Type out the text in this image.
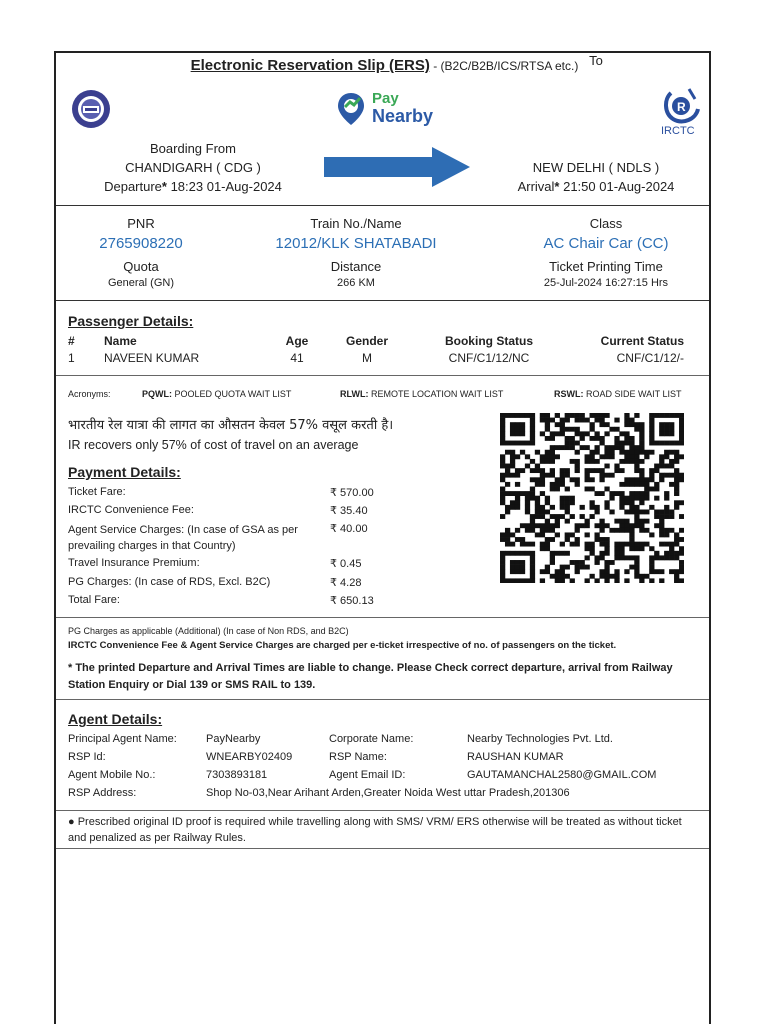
Electronic Reservation Slip (ERS) - (B2C/B2B/ICS/RTSA etc.)
Pay
Nearby	R
IRCTC
Boarding From
CHANDIGARH ( CDG )
Departure* 18:23 01-Aug-2024
To
NEW DELHI ( NDLS )
Arrival* 21:50 01-Aug-2024
PNR
2765908220
Train No./Name
12012/KLK SHATABADI
Class
AC Chair Car (CC)
Quota
General (GN)
Distance
266 KM
Ticket Printing Time
25-Jul-2024 16:27:15 Hrs
Passenger Details:
# Name	Age	Gender	Booking Status	Current Status
1 NAVEEN KUMAR	41	M	CNF/C1/12/NC	CNF/C1/12/-
Acronyms:	PQWL: POOLED QUOTA WAIT LIST	RLWL: REMOTE LOCATION WAIT LIST	RSWL: ROAD SIDE WAIT LIST
भारतीय रेल यात्रा की लागत का औसतन केवल 57% वसूल करती है।
IR recovers only 57% of cost of travel on an average
Payment Details:
Ticket Fare:	₹ 570.00
IRCTC Convenience Fee:	₹ 35.40
Agent Service Charges: (In case of GSA as per prevailing charges in that Country)
₹ 40.00
Travel Insurance Premium:	₹ 0.45
PG Charges: (In case of RDS, Excl. B2C)	₹ 4.28
Total Fare:	₹ 650.13
PG Charges as applicable (Additional) (In case of Non RDS, and B2C)
IRCTC Convenience Fee & Agent Service Charges are charged per e-ticket irrespective of no. of passengers on the ticket.
* The printed Departure and Arrival Times are liable to change. Please Check correct departure, arrival from Railway Station Enquiry or Dial 139 or SMS RAIL to 139.
Agent Details:
Principal Agent Name:	PayNearby	Corporate Name:	Nearby Technologies Pvt. Ltd.
RSP Id:	WNEARBY02409	RSP Name:	RAUSHAN KUMAR
Agent Mobile No.:	7303893181	Agent Email ID:	GAUTAMANCHAL2580@GMAIL.COM
RSP Address:	Shop No-03,Near Arihant Arden,Greater Noida West uttar Pradesh,201306
● Prescribed original ID proof is required while travelling along with SMS/ VRM/ ERS otherwise will be treated as without ticket and penalized as per Railway Rules.
